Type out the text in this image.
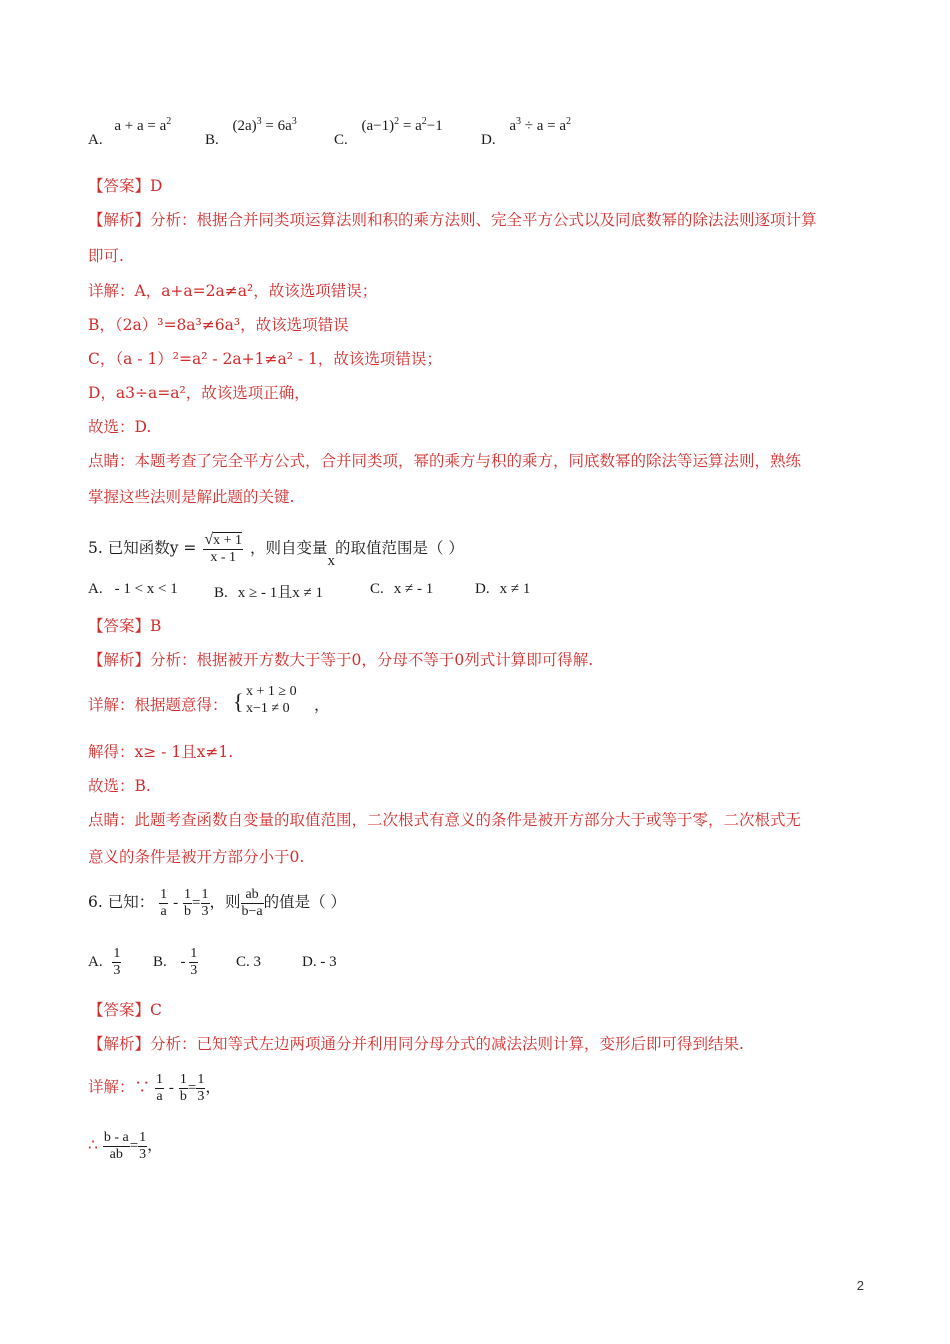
A. $a + a = a^2$
B. $(2a)^3 = 6a^3$
C. $(a-1)^2 = a^2-1$
D. $a^3 \div a = a^2$
【答案】D
【解析】分析：根据合并同类项运算法则和积的乘方法则、完全平方公式以及同底数幂的除法法则逐项计算
即可.
详解：A，a+a=2a≠a²，故该选项错误；
B，（2a）³=8a³≠6a³，故该选项错误
C，（a - 1）²=a² - 2a+1≠a² - 1，故该选项错误；
D，a3÷a=a²，故该选项正确，
故选：D.
点睛：本题考查了完全平方公式，合并同类项，幂的乘方与积的乘方，同底数幂的除法等运算法则，熟练
掌握这些法则是解此题的关键.
5. 已知函数$y = \frac{√x + 1}{x - 1}$ ，则自变量x的取值范围是（ ）
A. - 1 < x < 1 B. x ≥ - 1且x ≠ 1	C. x ≠ - 1	D. x ≠ 1
【答案】B
【解析】分析：根据被开方数大于等于0，分母不等于0列式计算即可得解.
详解：根据题意得： { x + 1 ≥ 0
x−1 ≠ 0	，
解得：x≥ - 1且x≠1.
故选：B.
点睛：此题考查函数自变量的取值范围，二次根式有意义的条件是被开方部分大于或等于零，二次根式无
意义的条件是被开方部分小于0.
6. 已知： $\frac{1}{a} - \frac{1}{b} = \frac{1}{3}$ ，则 $\frac{ab}{b-a}$ 的值是（ ）
A. $\frac{1}{3} B$. - $\frac{1}{3}$	C. 3	D. - 3
【答案】C
【解析】分析：已知等式左边两项通分并利用同分母分式的减法法则计算，变形后即可得到结果.
详解：∵ $\frac{1}{a} - \frac{1}{b} = \frac{1}{3}$ ，
∴ $\frac{b - a}{ab} = \frac{1}{3}$ ，
2
